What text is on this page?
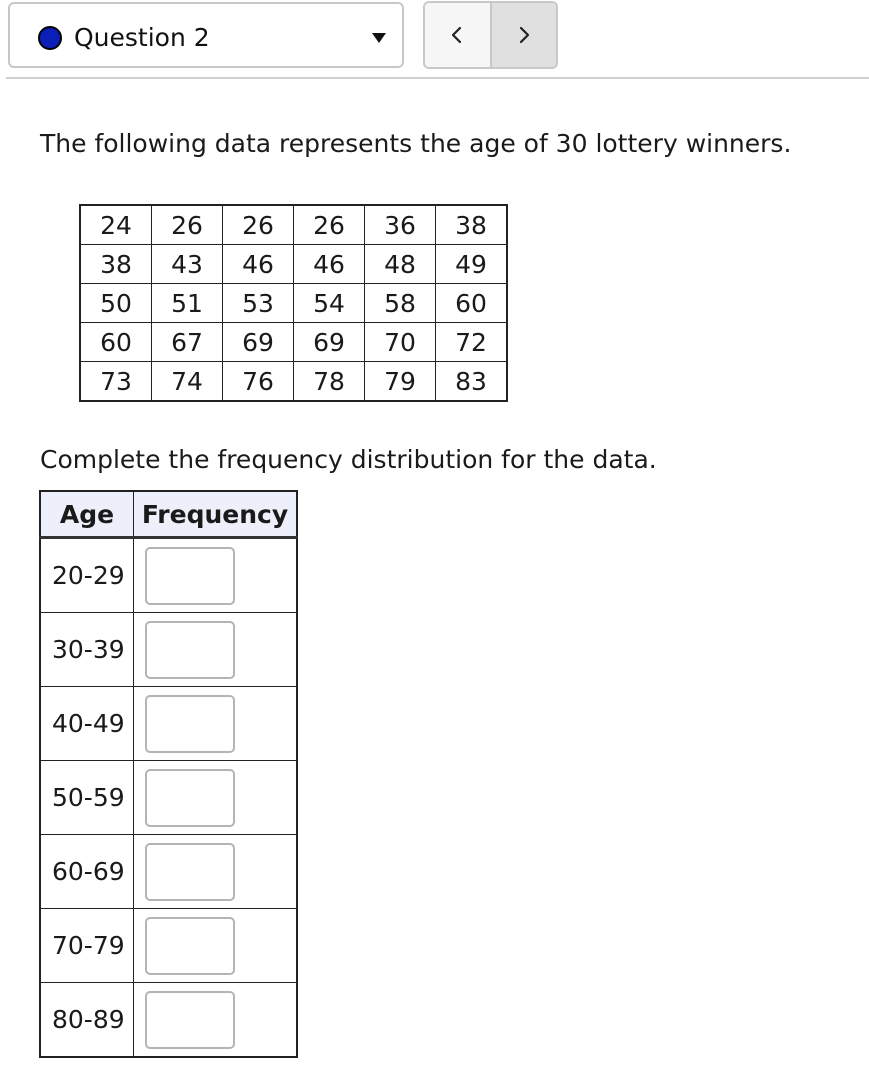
Question 2
The following data represents the age of 30 lottery winners.
24	26	26	26	36	38
38	43	46	46	48	49
50	51	53	54	58	60
60	67	69	69	70	72
73	74	76	78	79	83
Complete the frequency distribution for the data.
Age	Frequency
20-29	

30-39	

40-49	

50-59	

60-69	

70-79	

80-89	
